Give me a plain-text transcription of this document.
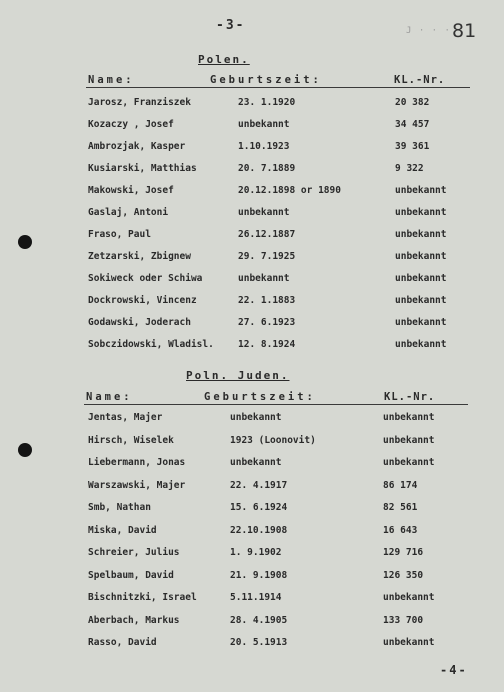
-3-	J · · · 81
Polen.
Name:	Geburtszeit:	KL.-Nr.
Jarosz, Franziszek	23. 1.1920	20 382
Kozaczy , Josef	unbekannt	34 457
Ambrozjak, Kasper	1.10.1923	39 361
Kusiarski, Matthias	20. 7.1889	9 322
Makowski, Josef	20.12.1898 or 1890	unbekannt
Gaslaj, Antoni	unbekannt	unbekannt
Fraso, Paul	26.12.1887	unbekannt
Zetzarski, Zbignew	29. 7.1925	unbekannt
Sokiweck oder Schiwa	unbekannt	unbekannt
Dockrowski, Vincenz	22. 1.1883	unbekannt
Godawski, Joderach	27. 6.1923	unbekannt
Sobczidowski, Wladisl.	12. 8.1924	unbekannt
Poln. Juden.
Name:	Geburtszeit:	KL.-Nr.
Jentas, Majer	unbekannt	unbekannt
Hirsch, Wiselek	1923 (Loonovit)	unbekannt
Liebermann, Jonas	unbekannt	unbekannt
Warszawski, Majer	22. 4.1917	86 174
Smb, Nathan	15. 6.1924	82 561
Miska, David	22.10.1908	16 643
Schreier, Julius	1. 9.1902	129 716
Spelbaum, David	21. 9.1908	126 350
Bischnitzki, Israel	5.11.1914	unbekannt
Aberbach, Markus	28. 4.1905	133 700
Rasso, David	20. 5.1913	unbekannt
-4-
